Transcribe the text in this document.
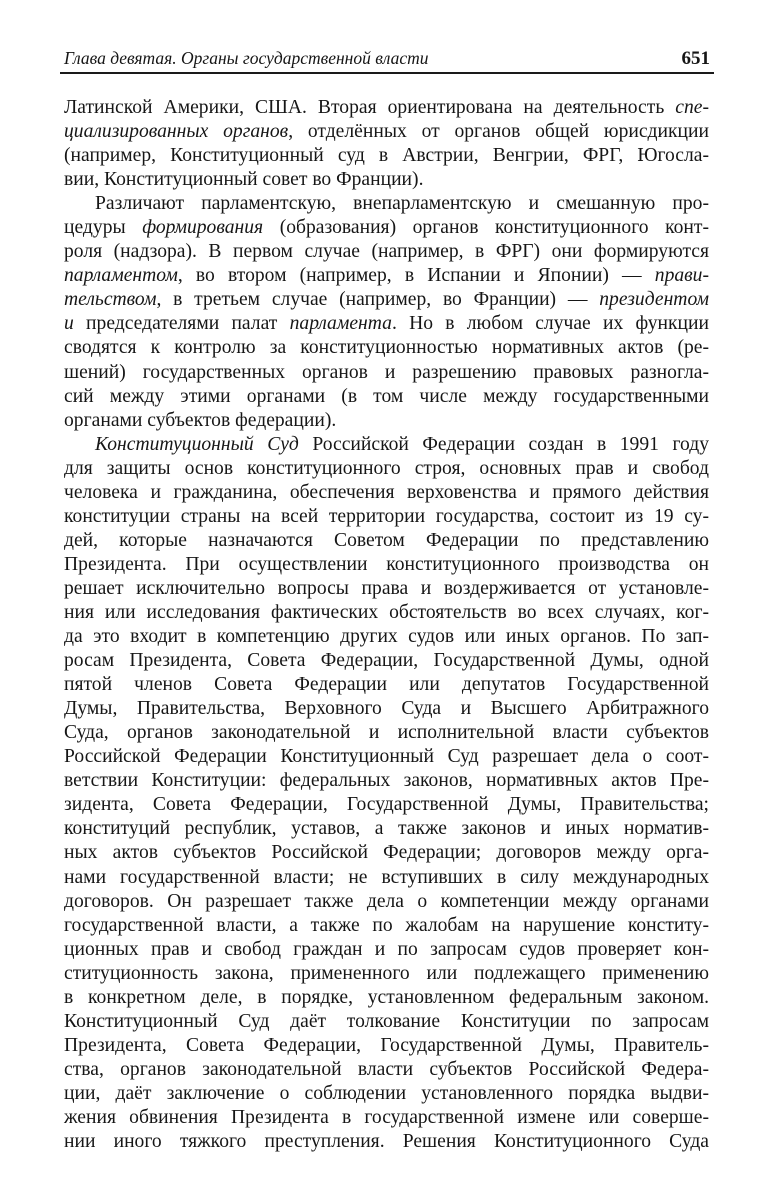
Глава девятая. Органы государственной власти	651
Латинской Америки, США. Вторая ориентирована на деятельность спе-
циализированных органов, отделённых от органов общей юрисдикции
(например, Конституционный суд в Австрии, Венгрии, ФРГ, Югосла-
вии, Конституционный совет во Франции).
Различают парламентскую, внепарламентскую и смешанную про-
цедуры формирования (образования) органов конституционного конт-
роля (надзора). В первом случае (например, в ФРГ) они формируются
парламентом, во втором (например, в Испании и Японии) — прави-
тельством, в третьем случае (например, во Франции) — президентом
и председателями палат парламента. Но в любом случае их функции
сводятся к контролю за конституционностью нормативных актов (ре-
шений) государственных органов и разрешению правовых разногла-
сий между этими органами (в том числе между государственными
органами субъектов федерации).
Конституционный Суд Российской Федерации создан в 1991 году
для защиты основ конституционного строя, основных прав и свобод
человека и гражданина, обеспечения верховенства и прямого действия
конституции страны на всей территории государства, состоит из 19 су-
дей, которые назначаются Советом Федерации по представлению
Президента. При осуществлении конституционного производства он
решает исключительно вопросы права и воздерживается от установле-
ния или исследования фактических обстоятельств во всех случаях, ког-
да это входит в компетенцию других судов или иных органов. По зап-
росам Президента, Совета Федерации, Государственной Думы, одной
пятой членов Совета Федерации или депутатов Государственной
Думы, Правительства, Верховного Суда и Высшего Арбитражного
Суда, органов законодательной и исполнительной власти субъектов
Российской Федерации Конституционный Суд разрешает дела о соот-
ветствии Конституции: федеральных законов, нормативных актов Пре-
зидента, Совета Федерации, Государственной Думы, Правительства;
конституций республик, уставов, а также законов и иных норматив-
ных актов субъектов Российской Федерации; договоров между орга-
нами государственной власти; не вступивших в силу международных
договоров. Он разрешает также дела о компетенции между органами
государственной власти, а также по жалобам на нарушение конститу-
ционных прав и свобод граждан и по запросам судов проверяет кон-
ституционность закона, примененного или подлежащего применению
в конкретном деле, в порядке, установленном федеральным законом.
Конституционный Суд даёт толкование Конституции по запросам
Президента, Совета Федерации, Государственной Думы, Правитель-
ства, органов законодательной власти субъектов Российской Федера-
ции, даёт заключение о соблюдении установленного порядка выдви-
жения обвинения Президента в государственной измене или соверше-
нии иного тяжкого преступления. Решения Конституционного Суда
